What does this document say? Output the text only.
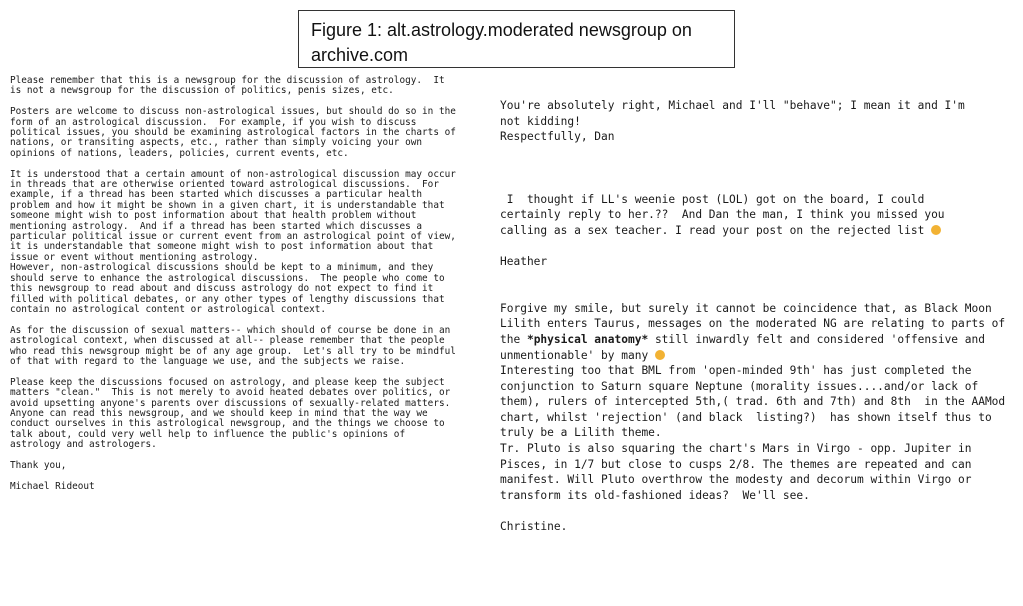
Figure 1: alt.astrology.moderated newsgroup on
archive.com

Please remember that this is a newsgroup for the discussion of astrology.  It
is not a newsgroup for the discussion of politics, penis sizes, etc.

Posters are welcome to discuss non-astrological issues, but should do so in the
form of an astrological discussion.  For example, if you wish to discuss
political issues, you should be examining astrological factors in the charts of
nations, or transiting aspects, etc., rather than simply voicing your own
opinions of nations, leaders, policies, current events, etc.

It is understood that a certain amount of non-astrological discussion may occur
in threads that are otherwise oriented toward astrological discussions.  For
example, if a thread has been started which discusses a particular health
problem and how it might be shown in a given chart, it is understandable that
someone might wish to post information about that health problem without
mentioning astrology.  And if a thread has been started which discusses a
particular political issue or current event from an astrological point of view,
it is understandable that someone might wish to post information about that
issue or event without mentioning astrology.
However, non-astrological discussions should be kept to a minimum, and they
should serve to enhance the astrological discussions.  The people who come to
this newsgroup to read about and discuss astrology do not expect to find it
filled with political debates, or any other types of lengthy discussions that
contain no astrological content or astrological context.

As for the discussion of sexual matters-- which should of course be done in an
astrological context, when discussed at all-- please remember that the people
who read this newsgroup might be of any age group.  Let's all try to be mindful
of that with regard to the language we use, and the subjects we raise.

Please keep the discussions focused on astrology, and please keep the subject
matters "clean."  This is not merely to avoid heated debates over politics, or
avoid upsetting anyone's parents over discussions of sexually-related matters.
Anyone can read this newsgroup, and we should keep in mind that the way we
conduct ourselves in this astrological newsgroup, and the things we choose to
talk about, could very well help to influence the public's opinions of
astrology and astrologers.

Thank you,

Michael Rideout

You're absolutely right, Michael and I'll "behave"; I mean it and I'm
not kidding!
Respectfully, Dan
I  thought if LL's weenie post (LOL) got on the board, I could
certainly reply to her.??  And Dan the man, I think you missed you
calling as a sex teacher. I read your post on the rejected list
Heather
Forgive my smile, but surely it cannot be coincidence that, as Black Moon
Lilith enters Taurus, messages on the moderated NG are relating to parts of
the *physical anatomy* still inwardly felt and considered 'offensive and
unmentionable' by many
Interesting too that BML from 'open-minded 9th' has just completed the
conjunction to Saturn square Neptune (morality issues....and/or lack of
them), rulers of intercepted 5th,( trad. 6th and 7th) and 8th  in the AAMod
chart, whilst 'rejection' (and black  listing?)  has shown itself thus to
truly be a Lilith theme.
Tr. Pluto is also squaring the chart's Mars in Virgo - opp. Jupiter in
Pisces, in 1/7 but close to cusps 2/8. The themes are repeated and can
manifest. Will Pluto overthrow the modesty and decorum within Virgo or
transform its old-fashioned ideas?  We'll see.
Christine.
